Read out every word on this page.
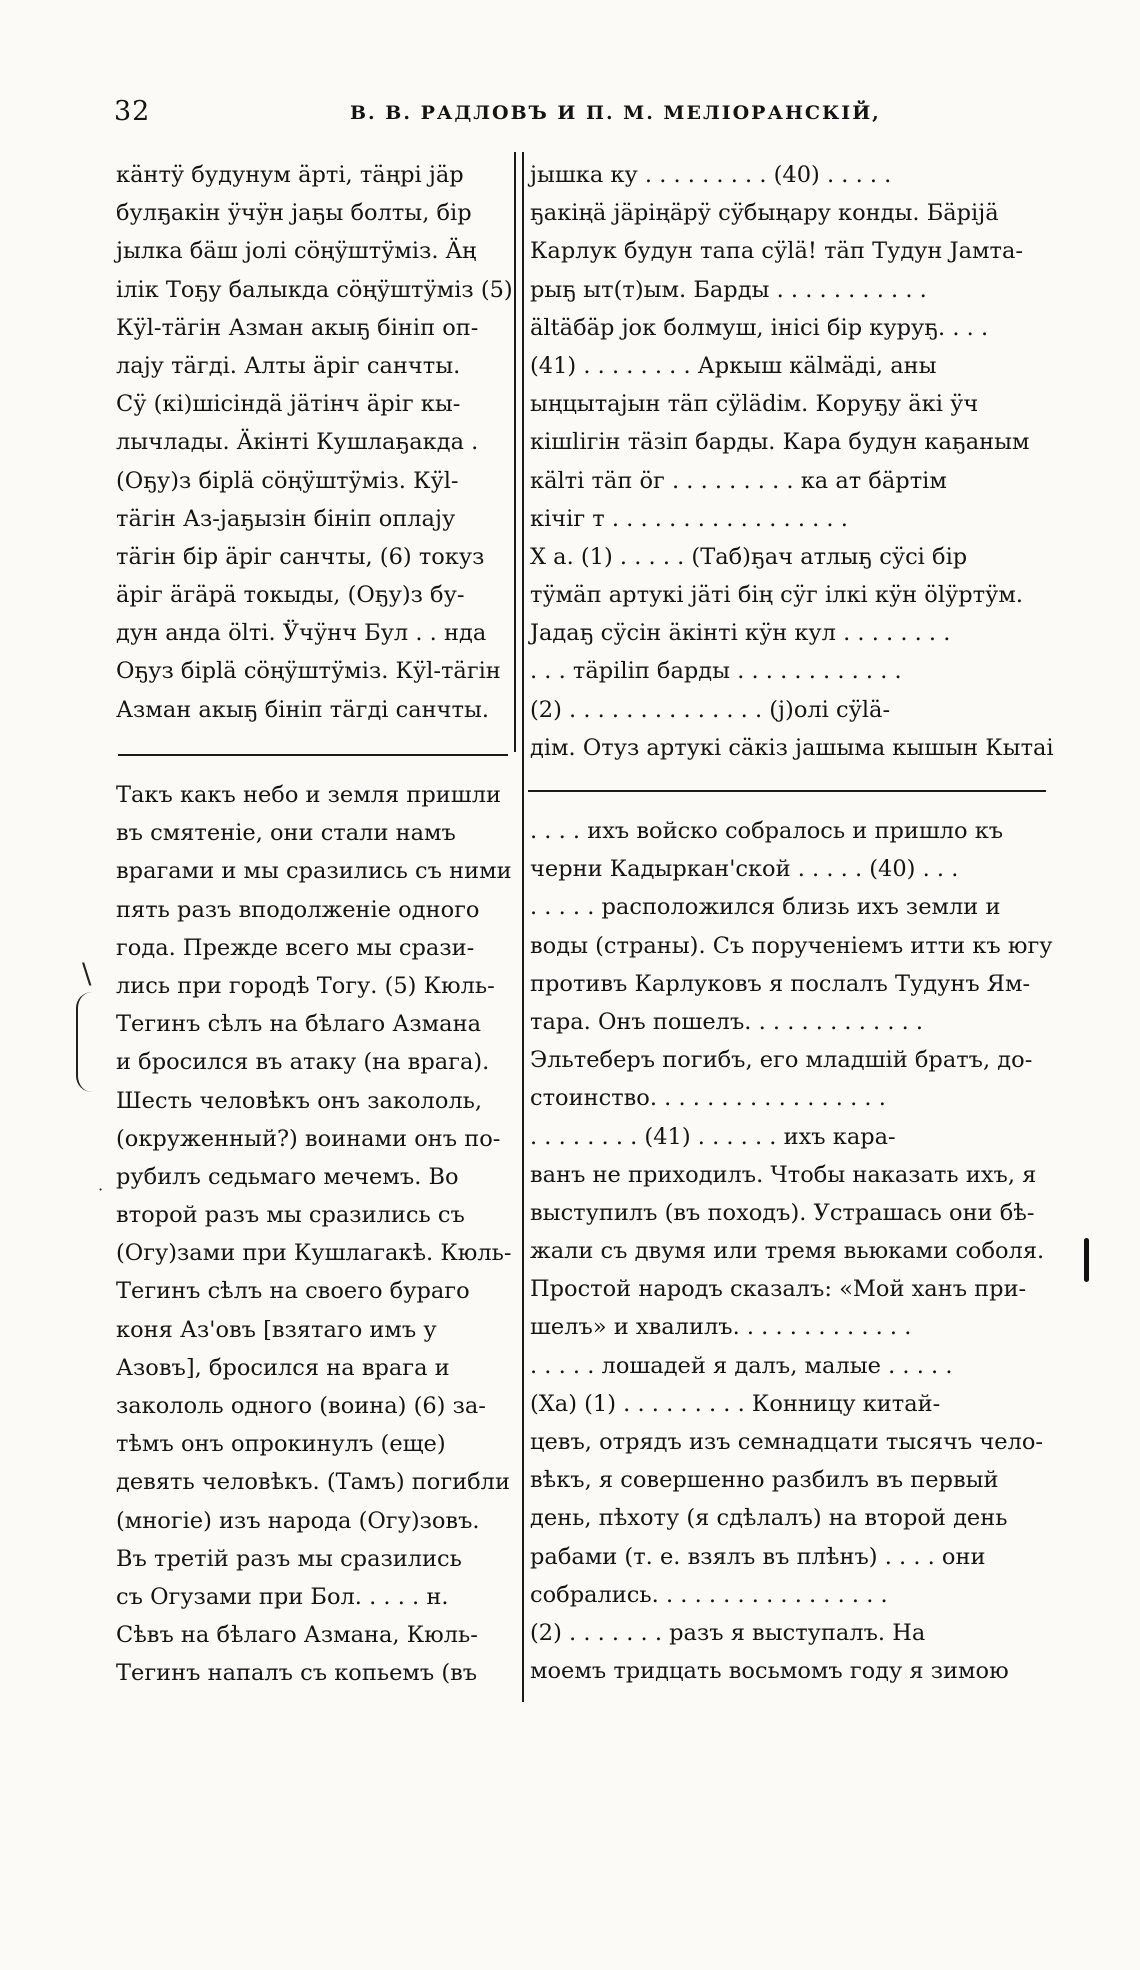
32	В. В. РАДЛОВЪ И П. М. МЕЛІОРАНСКІЙ,
кäнтӱ будунум äрті, тäңрі jäр
булҕакін ӱчӱн jаҕы болты, бір
jылка бäш jолі сӧңӱштӱміз. Äң
ілік Тоҕу балыкда сӧңӱштӱміз (5)
Кӱl-тäгін Азман акыҕ бініп оп-
лаjу тäгді. Алты äріг санчты.
Сӱ (кі)шісіндä jäтінч äріг кы-
лычлады. Äкінті Кушлаҕакда .
(Оҕу)з бірlä сӧңӱштӱміз. Кӱl-
тäгін Аз-jаҕызін бініп оплаjу
тäгін бір äріг санчты, (6) токуз
äріг äгäрä токыды, (Оҕу)з бу-
дун анда ӧlті. Ӱчӱнч Бул . . нда
Оҕуз бірlä сӧңӱштӱміз. Кӱl-тäгін
Азман акыҕ бініп тäгді санчты.
jышка ку . . . . . . . . . (40) . . . . .
ҕакіңä jäріңäрӱ сӱбыңару конды. Бäріjä
Карлук будун тапа сӱlä! тäп Тудун Jамта-
рыҕ ыт(т)ым. Барды . . . . . . . . . . .
ältäбäр jок болмуш, інісі бір куруҕ. . . .
(41) . . . . . . . . Аркыш кälмäді, аны
ыңцытаjын тäп сӱlädiм. Коруҕу äкі ӱч
кішlігін тäзіп барды. Кара будун каҕаным
кälті тäп öг . . . . . . . . . ка ат бäртім
кічіг т . . . . . . . . . . . . . . . . .
Х а. (1) . . . . . (Таб)ҕач атлыҕ сӱсі бір
тӱмäп артукі jäті бің сӱг ілкі кӱн ölӱртӱм.
Jадаҕ сӱсін äкінті кӱн кул . . . . . . . .
. . . тäріlіп барды . . . . . . . . . . . .
(2) . . . . . . . . . . . . . . (j)олі сӱlä-
дім. Отуз артукі сäкіз jашыма кышын Кытаі
Такъ какъ небо и земля пришли
въ смятеніе, они стали намъ
врагами и мы сразились съ ними
пять разъ вподолженіе одного
года. Прежде всего мы срази-
лись при городѣ Тогу. (5) Кюль-
Тегинъ сѣлъ на бѣлаго Азмана
и бросился въ атаку (на врага).
Шесть человѣкъ онъ закололь,
(окруженный?) воинами онъ по-
рубилъ седьмаго мечемъ. Во
второй разъ мы сразились съ
(Огу)зами при Кушлагакѣ. Кюль-
Тегинъ сѣлъ на своего бураго
коня Аз'овъ [взятаго имъ у
Азовъ], бросился на врага и
закололь одного (воина) (6) за-
тѣмъ онъ опрокинулъ (еще)
девять человѣкъ. (Тамъ) погибли
(многіе) изъ народа (Огу)зовъ.
Въ третій разъ мы сразились
съ Огузами при Бол. . . . . н.
Сѣвъ на бѣлаго Азмана, Кюль-
Тегинъ напалъ съ копьемъ (въ
. . . . ихъ войско собралось и пришло къ
черни Кадыркан'ской . . . . . (40) . . .
. . . . . расположился близь ихъ земли и
воды (страны). Съ порученіемъ итти къ югу
противъ Карлуковъ я послалъ Тудунъ Ям-
тара. Онъ пошелъ. . . . . . . . . . . . .
Эльтеберъ погибъ, его младшій братъ, до-
стоинство. . . . . . . . . . . . . . . . .
. . . . . . . . (41) . . . . . . ихъ кара-
ванъ не приходилъ. Чтобы наказать ихъ, я
выступилъ (въ походъ). Устрашась они бѣ-
жали съ двумя или тремя вьюками соболя.
Простой народъ сказалъ: «Мой ханъ при-
шелъ» и хвалилъ. . . . . . . . . . . . .
. . . . . лошадей я далъ, малые . . . . .
(Ха) (1) . . . . . . . . . Конницу китай-
цевъ, отрядъ изъ семнадцати тысячъ чело-
вѣкъ, я совершенно разбилъ въ первый
день, пѣхоту (я сдѣлалъ) на второй день
рабами (т. е. взялъ въ плѣнъ) . . . . они
собрались. . . . . . . . . . . . . . . . .
(2) . . . . . . . разъ я выступалъ. На
моемъ тридцать восьмомъ году я зимою
\
·
